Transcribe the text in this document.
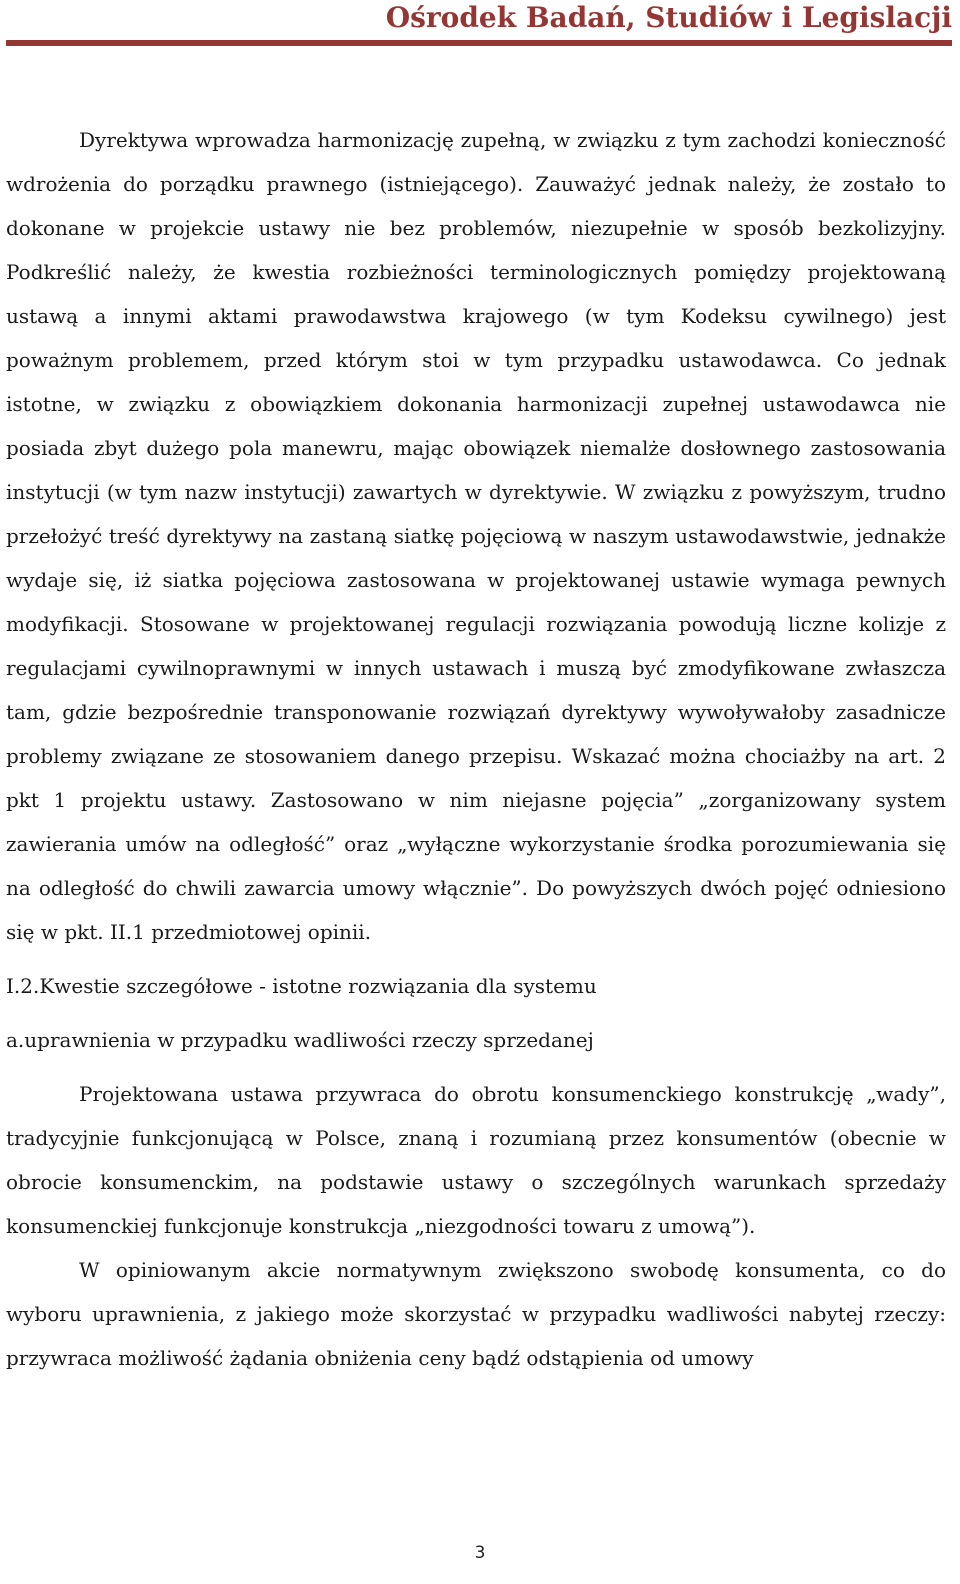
Ośrodek Badań, Studiów i Legislacji

Dyrektywa wprowadza harmonizację zupełną, w związku z tym zachodzi konieczność wdrożenia do porządku prawnego (istniejącego). Zauważyć jednak należy, że zostało to dokonane w projekcie ustawy nie bez problemów, niezupełnie w sposób bezkolizyjny. Podkreślić należy, że kwestia rozbieżności terminologicznych pomiędzy projektowaną ustawą a innymi aktami prawodawstwa krajowego (w tym Kodeksu cywilnego) jest poważnym problemem, przed którym stoi w tym przypadku ustawodawca. Co jednak istotne, w związku z obowiązkiem dokonania harmonizacji zupełnej ustawodawca nie posiada zbyt dużego pola manewru, mając obowiązek niemalże dosłownego zastosowania instytucji (w tym nazw instytucji) zawartych w dyrektywie. W związku z powyższym, trudno przełożyć treść dyrektywy na zastaną siatkę pojęciową w naszym ustawodawstwie, jednakże wydaje się, iż siatka pojęciowa zastosowana w projektowanej ustawie wymaga pewnych modyfikacji. Stosowane w projektowanej regulacji rozwiązania powodują liczne kolizje z regulacjami cywilnoprawnymi w innych ustawach i muszą być zmodyfikowane zwłaszcza tam, gdzie bezpośrednie transponowanie rozwiązań dyrektywy wywoływałoby zasadnicze problemy związane ze stosowaniem danego przepisu. Wskazać można chociażby na art. 2 pkt 1 projektu ustawy. Zastosowano w nim niejasne pojęcia” „zorganizowany system zawierania umów na odległość” oraz „wyłączne wykorzystanie środka porozumiewania się na odległość do chwili zawarcia umowy włącznie”. Do powyższych dwóch pojęć odniesiono się w pkt. II.1 przedmiotowej opinii.

I.2.Kwestie szczegółowe - istotne rozwiązania dla systemu

a.uprawnienia w przypadku wadliwości rzeczy sprzedanej

Projektowana ustawa przywraca do obrotu konsumenckiego konstrukcję „wady”, tradycyjnie funkcjonującą w Polsce, znaną i rozumianą przez konsumentów (obecnie w obrocie konsumenckim, na podstawie ustawy o szczególnych warunkach sprzedaży konsumenckiej funkcjonuje konstrukcja „niezgodności towaru z umową”).

W opiniowanym akcie normatywnym zwiększono swobodę konsumenta, co do wyboru uprawnienia, z jakiego może skorzystać w przypadku wadliwości nabytej rzeczy: przywraca możliwość żądania obniżenia ceny bądź odstąpienia od umowy

3
